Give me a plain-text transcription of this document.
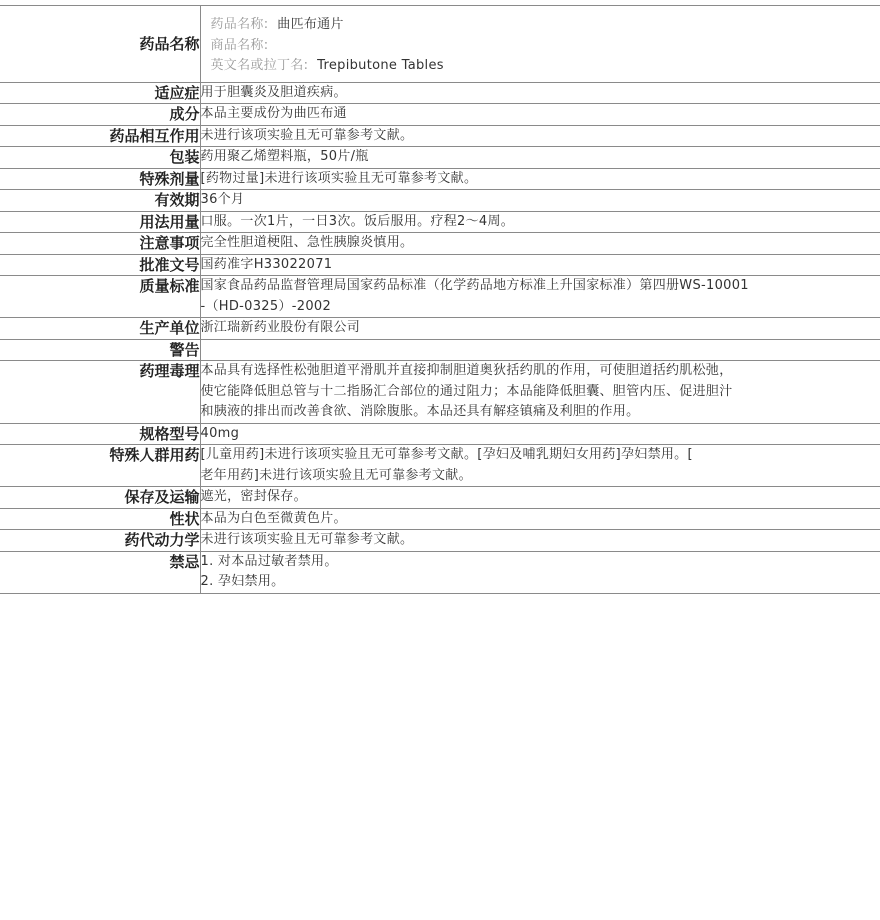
药品名称	药品名称: 曲匹布通片
商品名称:
英文名或拉丁名: Trepibutone Tables

适应症	用于胆囊炎及胆道疾病。

成分	本品主要成份为曲匹布通

药品相互作用	未进行该项实验且无可靠参考文献。

包装	药用聚乙烯塑料瓶，50片/瓶

特殊剂量	[药物过量]未进行该项实验且无可靠参考文献。

有效期	36个月

用法用量	口服。一次1片，一日3次。饭后服用。疗程2～4周。

注意事项	完全性胆道梗阻、急性胰腺炎慎用。

批准文号	国药准字H33022071

质量标准	国家食品药品监督管理局国家药品标准（化学药品地方标准上升国家标准）第四册WS-10001
-（HD-0325）-2002

生产单位	浙江瑞新药业股份有限公司

警告	

药理毒理	本品具有选择性松弛胆道平滑肌并直接抑制胆道奥狄括约肌的作用，可使胆道括约肌松弛，
使它能降低胆总管与十二指肠汇合部位的通过阻力；本品能降低胆囊、胆管内压、促进胆汁
和胰液的排出而改善食欲、消除腹胀。本品还具有解痉镇痛及利胆的作用。

规格型号	40mg

特殊人群用药	[儿童用药]未进行该项实验且无可靠参考文献。[孕妇及哺乳期妇女用药]孕妇禁用。[
老年用药]未进行该项实验且无可靠参考文献。

保存及运输	遮光，密封保存。

性状	本品为白色至微黄色片。

药代动力学	未进行该项实验且无可靠参考文献。

禁忌	1. 对本品过敏者禁用。
2. 孕妇禁用。
